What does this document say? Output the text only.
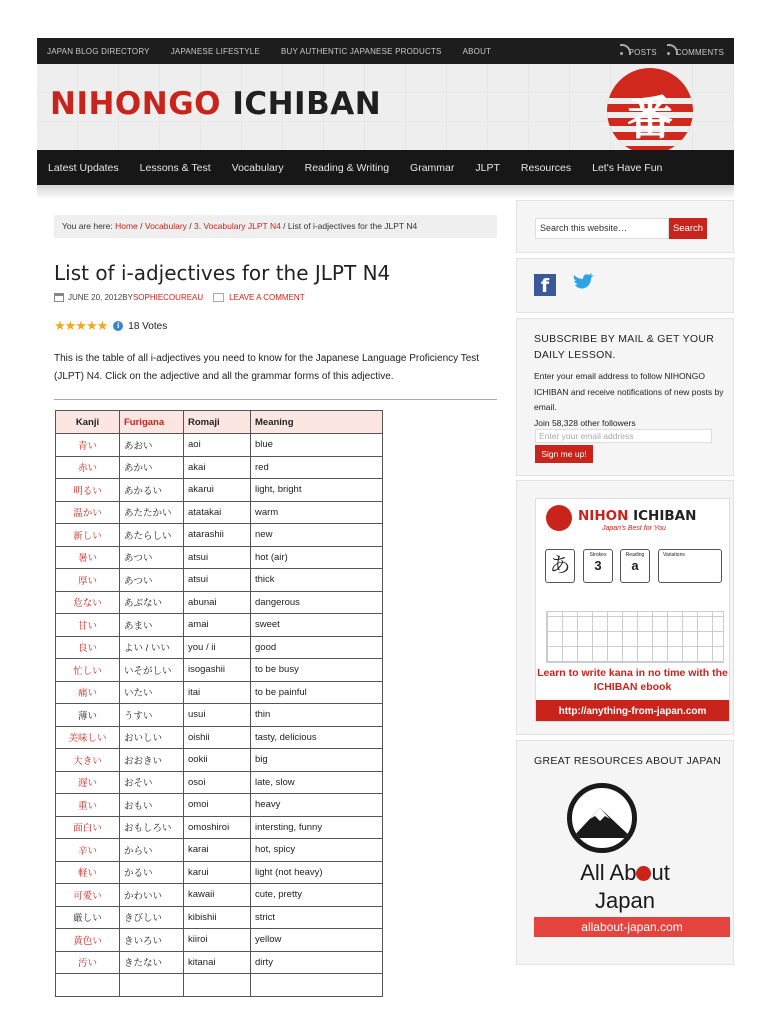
JAPAN BLOG DIRECTORY	JAPANESE LIFESTYLE	BUY AUTHENTIC JAPANESE PRODUCTS	ABOUT	POSTS	COMMENTS
NIHONGO ICHIBAN	番
Latest Updates Lessons & Test Vocabulary Reading & Writing Grammar JLPT Resources Let's Have Fun
You are here: Home / Vocabulary / 3. Vocabulary JLPT N4 / List of i-adjectives for the JLPT N4
List of i-adjectives for the JLPT N4
JUNE 20, 2012 BY SOPHIECOUREAU	LEAVE A COMMENT
★★★★★	i 18 Votes

This is the table of all i-adjectives you need to know for the Japanese Language Proficiency Test (JLPT) N4. Click on the adjective and all the grammar forms of this adjective.

Kanji	Furigana	Romaji	Meaning
青い	あおい	aoi	blue
赤い	あかい	akai	red
明るい	あかるい	akarui	light, bright
温かい	あたたかい	atatakai	warm
新しい	あたらしい	atarashii	new
暑い	あつい	atsui	hot (air)
厚い	あつい	atsui	thick
危ない	あぶない	abunai	dangerous
甘い	あまい	amai	sweet
良い	よい / いい	you / ii	good
忙しい	いそがしい	isogashii	to be busy
痛い	いたい	itai	to be painful
薄い	うすい	usui	thin
美味しい	おいしい	oishii	tasty, delicious
大きい	おおきい	ookii	big
遅い	おそい	osoi	late, slow
重い	おもい	omoi	heavy
面白い	おもしろい	omoshiroi	intersting, funny
辛い	からい	karai	hot, spicy
軽い	かるい	karui	light (not heavy)
可愛い	かわいい	kawaii	cute, pretty
厳しい	きびしい	kibishii	strict
黄色い	きいろい	kiiroi	yellow
汚い	きたない	kitanai	dirty

Search this website…	Search
f
SUBSCRIBE BY MAIL & GET YOUR DAILY LESSON.
Enter your email address to follow NIHONGO ICHIBAN and receive notifications of new posts by email.
Join 58,328 other followers
Enter your email address
Sign me up!
NIHON ICHIBAN
Japan's Best for You
あ	Strokes
3
Reading
a
Variations
Learn to write kana in no time with the ICHIBAN ebook
http://anything-from-japan.com
GREAT RESOURCES ABOUT JAPAN
All Ab ut
Japan
allabout-japan.com
